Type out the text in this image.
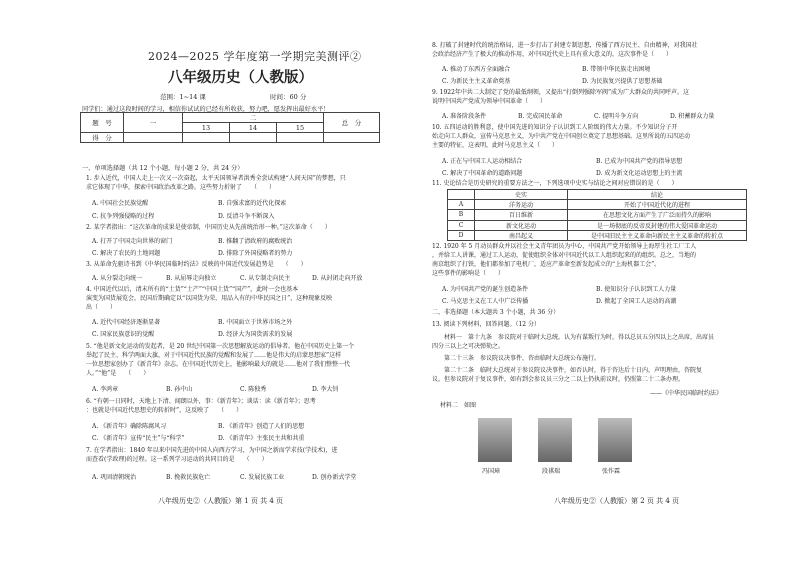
2024—2025 学年度第一学期完美测评②
八年级历史（人教版）
范围：1~14 课	时间：60 分
同学们：通过这段时间的学习，相信你试试的已经有所收获，努力吧，愿发挥出最好水平！
题　号	一	二			总　分
		13	14	15	
得　分					
一、单项选择题（共 12 个小题，每小题 2 分，共 24 分）
1. 步入近代，中国人走上一次又一次奋起，太平天国领导者洪秀全尝试构建“人间天国”的梦想，只
求它体现了中华，探索中国政治改革之路。这些努力折射了　　（　　）
A. 中国社会民族觉醒	B. 自强求富的近代化探索
C. 抗争列强侵略的过程	D. 反清斗争不断深入
2. 某学者指出：“这次革命的成果是使帝制，中国历史从先前统治形一种。”这次革命（　　）
A. 打开了中国走向世界的窗门	B. 推翻了清政府的腐败统治
C. 解决了农民的土地问题	D. 排除了外国侵略者的势力
3. 从革命先驱诗书到《中华民国临时约法》反映的中国近代发展趋势是　　（　　）
A. 从分裂走向统一	B. 从屈辱走向独立	C. 从专制走向民主	D. 从封闭走向开放
4. 中国近代以后，清末所有的“土货”“土产”“中国土货”“国产”，此时一会也基本
演变为国货展览会，民国后期确定以“以国货为荣，用品入有的中华民国之日”，这种现象反映
出（　　）
A. 近代中国经济逐渐显著	B. 中国面立于世界市场之外
C. 国家民族意识的觉醒	D. 经济大为国货需求的发展
5. “他是新文化运动的发起者，是 20 世纪中国第一次思想解放运动的倡导者。他在中国历史上第一个
举起了民主、科学两面大旗，对于中国近代民族的觉醒和发展了……他是伟大的启蒙思想家”这样
一位思想家创办了《新青年》杂志。在中国近代历史上，他影响最大的就是……他对了我们整整一代
人。”“他”是　　（　　）
A. 李鸿章	B. 孙中山	C. 陈独秀	D. 李大钊
6. “有朝一日同时，天地上下清、闻朗以外，事：《新青年》；谈话：读《新青年》；思考
：也就是中国近代思想史的转折时”，这反映了　　（　　）
A. 《新青年》确除陈腐风习	B. 《新青年》创造了人们的思想
C. 《新青年》宣传“民主”与“科学”	D. 《新青年》主张民主共和共重
7. 在学者指出：1840 年以来中国先进的中国人向西方学习，为中国之新而学求技(学技术)，进
而查看(学政理)的过程。这一系列学习运动的共同目的是　　（　　）
A. 巩固清朝统治	B. 挽救民族危亡	C. 发展民族工业	D. 创办新式学堂
八年级历史②（人教版）第 1 页 共 4 页
8. 打破了封建时代的统治格局，进一步打击了封建专制思想，传播了西方民主、自由精神，对我国社
会政治经济产生了极大的推动作用，对中国近代史上具有重大意义的，这次事件是（　　）
A. 推动了东西方全面融合	B. 带领中华民族走出困境
C. 为新民主主义革命奠基	D. 为民族复兴提供了思想基础
9. 1922年中共二大制定了党的最低纲领，又提出“打倒列强除军阀”成为广大群众的共同呼声。这
说明中国共产党成为领导中国革命（　　）
A. 准备阶段条件	B. 完成国民革命	C. 提明斗争方向	D. 积蓄群众力量
10. 五四运动的胜利意，使中国先进的知识分子认识到工人阶级的伟大力量。不少知识分子开
始走向工人群众，宣传马克思主义，为中共产党在中国创立奠定了思想基础。这里所说的五四运动
主要的特征，这表明，此时马克思主义（　　）
A. 正在与中国工人运动相结合	B. 已成为中国共产党的指导思想
C. 解决了中国革命的道路问题	D. 成为新文化运动思想上的主流
11. 史论结合是历史研究的重要方法之一，下列选项中史实与结论之间对应错误的是（　　）
	史实	结论
A	洋务运动	开始了中国近代化的进程
B	百日维新	在思想文化方面产生了广泛而持久的影响
C	新文化运动	是一场彻底的反帝反封建的伟大爱国革命运动
D	南昌起义	是中国旧民主主义革命向新民主主义革命的转折点
12. 1920 年 5 月动员群众并以社会主义青年团员为中心，中国共产党开始领导上海厚生社工厂工人
，并给工人讲课，通过工人运动，促使组织全体对中国近代以工人组织起来的的组织。总之，当地的
南京组织了打铁，他们都参加了电机厂，适应产革命至新发起成立的“上海机器工会”。
这些事件的影响是（　　）
A. 为中国共产党的诞生创造条件	B. 使知识分子认识到工人力量
C. 马克思主义在工人中广泛传播	D. 掀起了全国工人运动的高潮
二、非选择题（本大题共 3 个小题，共 36 分）
13. 阅读下列材料，回答问题。（12 分）
材料一　第十九条　参议院对于临时大总统，认为有谋叛行为时，得以总员五分四以上之出席，出席员
四分三以上之可决弹劾之。
第二十三条　参议院议决事件，咨由临时大总统公布施行。
第二十二条　临时大总统对于参议院议决事件，如否认时，得于咨达后十日内，声明理由，咨院复
议。但参议院对于复议事件，如有到会参议员三分之二以上仍执前议时，仍照第二十二条办理。
——《中华民国临时约法》
材料二　如图
冯国璋	段祺瑞	张作霖
八年级历史②（人教版）第 2 页 共 4 页
